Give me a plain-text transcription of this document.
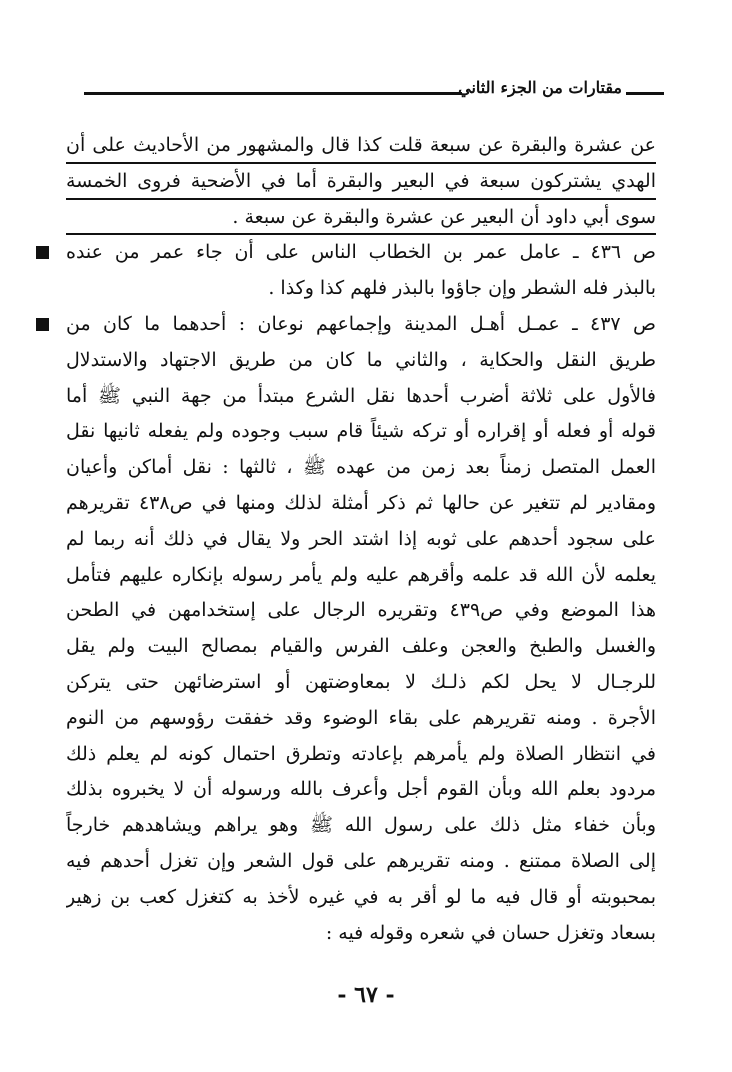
مقتارات من الجزء الثاني
عن عشرة والبقرة عن سبعة قلت كذا قال والمشهور من الأحاديث على أن
الهدي يشتركون سبعة في البعير والبقرة أما في الأضحية فروى الخمسة
سوى أبي داود أن البعير عن عشرة والبقرة عن سبعة .
ص ٤٣٦ ـ عامل عمر بن الخطاب الناس على أن جاء عمر من عنده
بالبذر فله الشطر وإن جاؤوا بالبذر فلهم كذا وكذا .
ص ٤٣٧ ـ عمـل أهـل المدينة وإجماعهم نوعان : أحدهما ما كان من
طريق النقل والحكاية ، والثاني ما كان من طريق الاجتهاد والاستدلال
فالأول على ثلاثة أضرب أحدها نقل الشرع مبتدأ من جهة النبي ﷺ أما
قوله أو فعله أو إقراره أو تركه شيئاً قام سبب وجوده ولم يفعله ثانيها نقل
العمل المتصل زمناً بعد زمن من عهده ﷺ ، ثالثها : نقل أماكن وأعيان
ومقادير لم تتغير عن حالها ثم ذكر أمثلة لذلك ومنها في ص٤٣٨ تقريرهم
على سجود أحدهم على ثوبه إذا اشتد الحر ولا يقال في ذلك أنه ربما لم
يعلمه لأن الله قد علمه وأقرهم عليه ولم يأمر رسوله بإنكاره عليهم فتأمل
هذا الموضع وفي ص٤٣٩ وتقريره الرجال على إستخدامهن في الطحن
والغسل والطبخ والعجن وعلف الفرس والقيام بمصالح البيت ولم يقل
للرجـال لا يحل لكم ذلـك لا بمعاوضتهن أو استرضائهن حتى يتركن
الأجرة . ومنه تقريرهم على بقاء الوضوء وقد خفقت رؤوسهم من النوم
في انتظار الصلاة ولم يأمرهم بإعادته وتطرق احتمال كونه لم يعلم ذلك
مردود بعلم الله وبأن القوم أجل وأعرف بالله ورسوله أن لا يخبروه بذلك
وبأن خفاء مثل ذلك على رسول الله ﷺ وهو يراهم ويشاهدهم خارجاً
إلى الصلاة ممتنع . ومنه تقريرهم على قول الشعر وإن تغزل أحدهم فيه
بمحبوبته أو قال فيه ما لو أقر به في غيره لأخذ به كتغزل كعب بن زهير
بسعاد وتغزل حسان في شعره وقوله فيه :
- ٦٧ -
